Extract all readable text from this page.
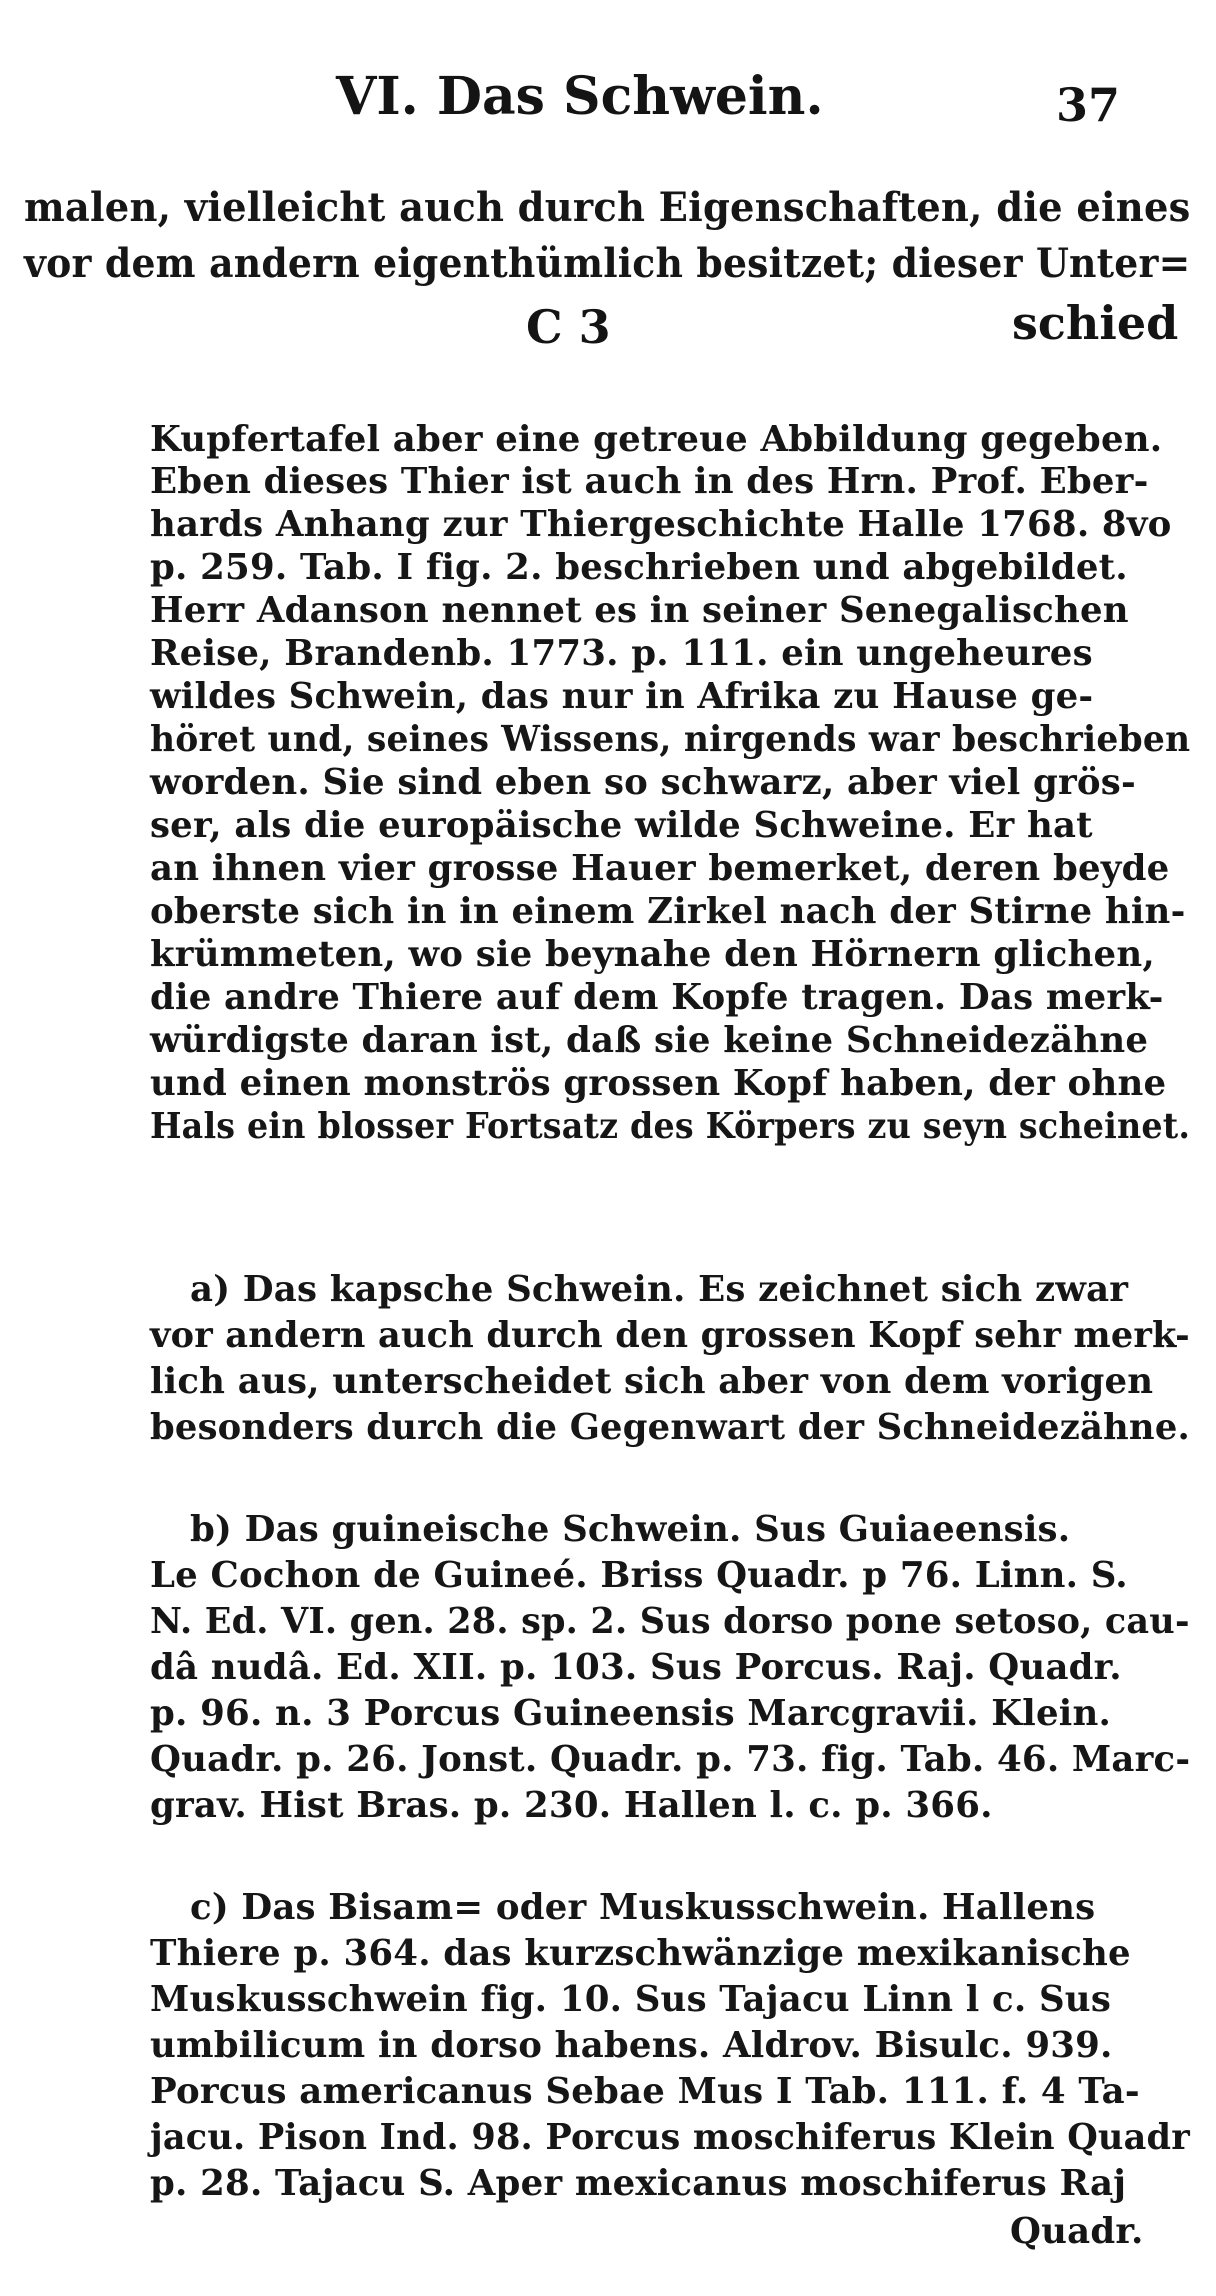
VI. Das Schwein.	37
malen, vielleicht auch durch Eigenschaften, die eines
vor dem andern eigenthümlich besitzet; dieser Unter=
C 3	schied
Kupfertafel aber eine getreue Abbildung gegeben.
Eben dieses Thier ist auch in des Hrn. Prof. Eber-
hards Anhang zur Thiergeschichte Halle 1768. 8vo
p. 259. Tab. I fig. 2. beschrieben und abgebildet.
Herr Adanson nennet es in seiner Senegalischen
Reise, Brandenb. 1773. p. 111. ein ungeheures
wildes Schwein, das nur in Afrika zu Hause ge-
höret und, seines Wissens, nirgends war beschrieben
worden. Sie sind eben so schwarz, aber viel grös-
ser, als die europäische wilde Schweine. Er hat
an ihnen vier grosse Hauer bemerket, deren beyde
oberste sich in in einem Zirkel nach der Stirne hin-
krümmeten, wo sie beynahe den Hörnern glichen,
die andre Thiere auf dem Kopfe tragen. Das merk-
würdigste daran ist, daß sie keine Schneidezähne
und einen monströs grossen Kopf haben, der ohne
Hals ein blosser Fortsatz des Körpers zu seyn scheinet.
a) Das kapsche Schwein. Es zeichnet sich zwar
vor andern auch durch den grossen Kopf sehr merk-
lich aus, unterscheidet sich aber von dem vorigen
besonders durch die Gegenwart der Schneidezähne.
b) Das guineische Schwein. Sus Guiaeensis.
Le Cochon de Guineé. Briss Quadr. p 76. Linn. S.
N. Ed. VI. gen. 28. sp. 2. Sus dorso pone setoso, cau-
dâ nudâ. Ed. XII. p. 103. Sus Porcus. Raj. Quadr.
p. 96. n. 3 Porcus Guineensis Marcgravii. Klein.
Quadr. p. 26. Jonst. Quadr. p. 73. fig. Tab. 46. Marc-
grav. Hist Bras. p. 230. Hallen l. c. p. 366.
c) Das Bisam= oder Muskusschwein. Hallens
Thiere p. 364. das kurzschwänzige mexikanische
Muskusschwein fig. 10. Sus Tajacu Linn l c. Sus
umbilicum in dorso habens. Aldrov. Bisulc. 939.
Porcus americanus Sebae Mus I Tab. 111. f. 4 Ta-
jacu. Pison Ind. 98. Porcus moschiferus Klein Quadr
p. 28. Tajacu S. Aper mexicanus moschiferus Raj
Quadr.
